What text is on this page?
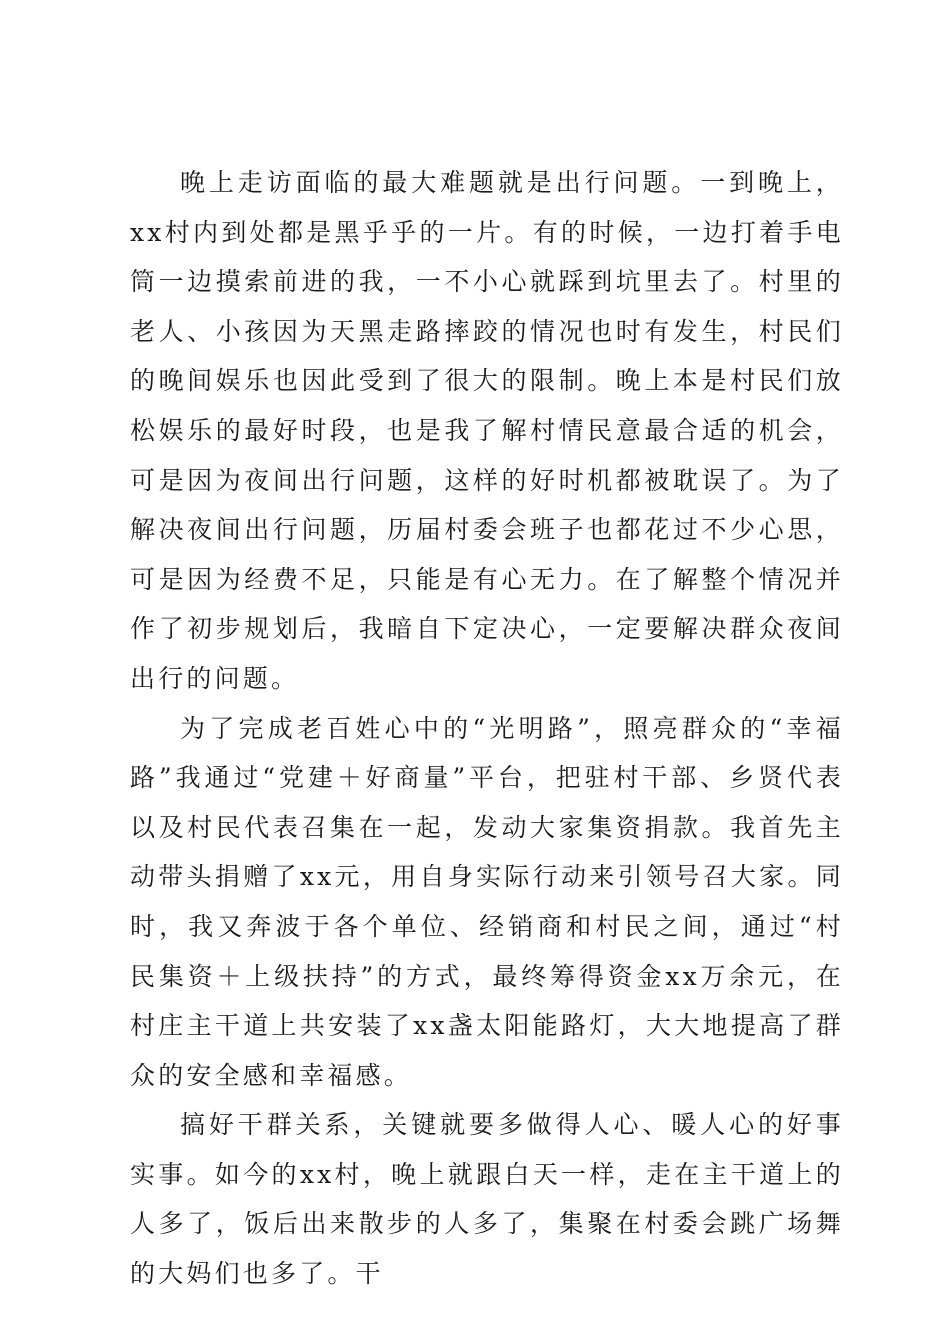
晚上走访面临的最大难题就是出行问题。一到晚上，xx村内到处都是黑乎乎的一片。有的时候，一边打着手电筒一边摸索前进的我，一不小心就踩到坑里去了。村里的老人、小孩因为天黑走路摔跤的情况也时有发生，村民们的晚间娱乐也因此受到了很大的限制。晚上本是村民们放松娱乐的最好时段，也是我了解村情民意最合适的机会，可是因为夜间出行问题，这样的好时机都被耽误了。为了解决夜间出行问题，历届村委会班子也都花过不少心思，可是因为经费不足，只能是有心无力。在了解整个情况并作了初步规划后，我暗自下定决心，一定要解决群众夜间出行的问题。

为了完成老百姓心中的“光明路”，照亮群众的“幸福路”我通过“党建＋好商量”平台，把驻村干部、乡贤代表以及村民代表召集在一起，发动大家集资捐款。我首先主动带头捐赠了xx元，用自身实际行动来引领号召大家。同时，我又奔波于各个单位、经销商和村民之间，通过“村民集资＋上级扶持”的方式，最终筹得资金xx万余元，在村庄主干道上共安装了xx盏太阳能路灯，大大地提高了群众的安全感和幸福感。

搞好干群关系，关键就要多做得人心、暖人心的好事实事。如今的xx村，晚上就跟白天一样，走在主干道上的人多了，饭后出来散步的人多了，集聚在村委会跳广场舞的大妈们也多了。干
